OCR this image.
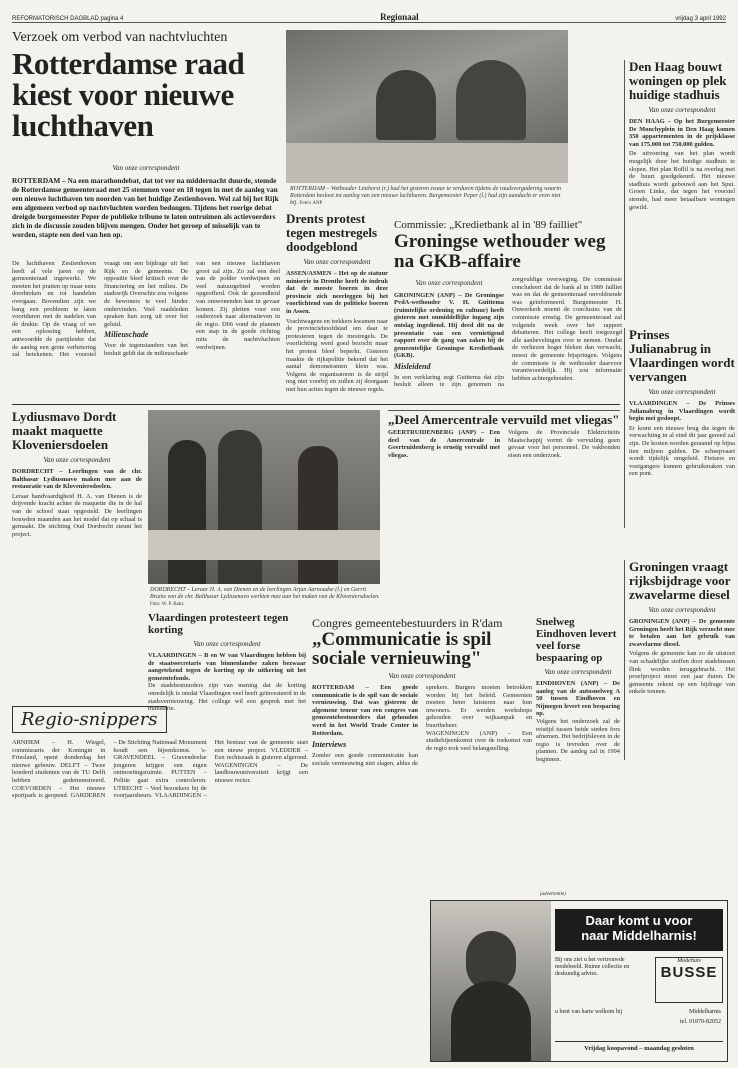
REFORMATORISCH DAGBLAD pagina 4	Regionaal	vrijdag 3 april 1992
Verzoek om verbod van nachtvluchten
Rotterdamse raad kiest voor nieuwe luchthaven
Van onze correspondent
ROTTERDAM – Na een marathondebat, dat tot ver na middernacht duurde, stemde de Rotterdamse gemeenteraad met 25 stemmen voor en 18 tegen in met de aanleg van een nieuwe luchthaven ten noorden van het huidige Zestienhoven. Wel zal bij het Rijk een algemeen verbod op nachtvluchten worden bedongen. Tijdens het roerige debat dreigde burgemeester Peper de publieke tribune te laten ontruimen als actievoerders zich in de discussie zouden blijven mengen. Onder het geroep of misselijk van te worden, stapte een deel van hen op.
De luchthaven Zestienhoven heeft al vele jaren op de gemeenteraad ingewerkt. We moeten het pratten op maar eens doorbreken en tot handelen overgaan. Bovendien zijn we bang een probleem te laten voortduren met de nadelen van de drukte. Op de vraag of we een oplossing hebben, antwoordde de partijleider dat de aanleg een grote verbetering zal betekenen. Het voorstel vraagt om een bijdrage uit het Rijk en de gemeente. De oppositie bleef kritisch over de financiering en het milieu. De stadswijk Overschie zou volgens de bewoners te veel hinder ondervinden. Veel raadsleden spraken hun zorg uit over het geluid.
Milieuschade
Voor de tegenstanders van het besluit geldt dat de milieuschade van een nieuwe luchthaven groot zal zijn. Zo zal een deel van de polder verdwijnen en veel natuurgebied worden opgeofferd. Ook de gezondheid van omwonenden kan in gevaar komen. Zij pleiten voor een onderzoek naar alternatieven in de regio. D66 vond de plannen een stap in de goede richting mits de nachtvluchten verdwijnen.
ROTTERDAM – Wethouder Linthorst (r.) had het gisteren zwaar te verduren tijdens de raadsvergadering waarin Rotterdam besloot tot aanleg van een nieuwe luchthaven. Burgemeester Peper (l.) had zijn aandacht er even niet bij. Foto's ANP
Drents protest tegen mestregels doodgeblond
Van onze correspondent
ASSEN/ASMEN – Het op de statuur miniserie in Drenthe heeft de indruk dat de meeste boeren in deze provincie zich neerleggen bij het voorlichtend van de politieke boeren in Assen.
Vrachtwagens en trekkers kwamen naar de provinciehoofdstad om daar te protesteren tegen de mestregels. De voorlichting werd goed bezocht maar het protest bleef beperkt. Gisteren maakte de rijkspolitie bekend dat het aantal demonstranten klein was. Volgens de organisatoren is de strijd nog niet voorbij en zullen zij doorgaan met hun acties tegen de nieuwe regels.
Commissie: „Kredietbank al in '89 failliet"
Groningse wethouder weg na GKB-affaire
Van onze correspondent
GRONINGEN (ANP) – De Groningse PvdA-wethouder V. H. Guittema (ruimtelijke ordening en cultuur) heeft gisteren met onmiddellijke ingang zijn ontslag ingediend. Hij deed dit na de presentatie van een vernietigend rapport over de gang van zaken bij de gemeentelijke Groningse Kredietbank (GKB).
Misleidend
In een verklaring zegt Guittema dat zijn besluit alleen te zijn genomen na zorgvuldige overweging. De commissie concludeert dat de bank al in 1989 failliet was en dat de gemeenteraad onvoldoende was geïnformeerd. Burgemeester H. Ouwerkerk noemt de conclusies van de commissie ernstig. De gemeenteraad zal volgende week over het rapport debatteren. Het college heeft toegezegd alle aanbevelingen over te nemen. Omdat de verliezen hoger bleken dan verwacht, moest de gemeente bijspringen. Volgens de commissie is de wethouder daarvoor verantwoordelijk. Hij zou informatie hebben achtergehouden.
Den Haag bouwt woningen op plek huidige stadhuis
Van onze correspondent
DEN HAAG – Op het Burgemeester De Monchyplein in Den Haag komen 350 appartementen in de prijsklasse van 175.000 tot 750.000 gulden.
De uitvoering van het plan wordt mogelijk door het huidige stadhuis te slopen. Het plan Boflil is na overleg met de buurt goedgekeurd. Het nieuwe stadhuis wordt gebouwd aan het Spui. Groen Links, dat tegen het voorstel stemde, had meer betaalbare woningen gewild.
Prinses Julianabrug in Vlaardingen wordt vervangen
Van onze correspondent
VLAARDINGEN – De Prinses Julianabrug in Vlaardingen wordt begin mei gesloopt.
Er komt een nieuwe brug die tegen de verwachting in al eind dit jaar gereed zal zijn. De kosten worden geraamd op bijna tien miljoen gulden. De scheepvaart wordt tijdelijk omgeleid. Fietsers en voetgangers kunnen gebruikmaken van een pont.
Groningen vraagt rijksbijdrage voor zwavelarme diesel
Van onze correspondent
GRONINGEN (ANP) – De gemeente Groningen heeft het Rijk verzocht mee te betalen aan het gebruik van zwavelarme diesel.
Volgens de gemeente kan zo de uitstoot van schadelijke stoffen door stadsbussen flink worden teruggebracht. Het proefproject moet een jaar duren. De gemeente rekent op een bijdrage van enkele tonnen.
Lydiusmavo Dordt maakt maquette Kloveniersdoelen
Van onze correspondent
DORDRECHT – Leerlingen van de chr. Balthasar Lydiusmavo maken mee aan de restauratie van de Kloveniersdoelen.
Leraar handvaardigheid H. A. van Dienen is de drijvende kracht achter de maquette die in de hal van de school staat opgesteld. De leerlingen bouwden maanden aan het model dat op schaal is gemaakt. De stichting Oud Dordrecht steunt het project.
DORDRECHT – Leraar H. A. van Dienen en de leerlingen Arjan Aarnoudse (l.) en Gerrit Bruins van de chr. Balthasar Lydiusmavo werkten mee aan het maken van de Kloveniersdoelen. Foto: W. P. Bakx
„Deel Amercentrale vervuild met vliegas"
GEERTRUIDENBERG (ANP) – Een deel van de Amercentrale in Geertruidenberg is ernstig vervuild met vliegas.
Volgens de Provinciale Elektriciteits Maatschappij vormt de vervuiling geen gevaar voor het personeel. De vakbonden eisen een onderzoek.
Vlaardingen protesteert tegen korting
Van onze correspondent
VLAARDINGEN – B en W van Vlaardingen hebben bij de staatssecretaris van binnenlandse zaken bezwaar aangetekend tegen de korting op de uitkering uit het gemeentefonds.
De stadsbestuurders zijn van mening dat de korting onredelijk is omdat Vlaardingen veel heeft geïnvesteerd in de stadsvernieuwing. Het college wil een gesprek met het ministerie.
Regio-snippers
ARNHEM – H. Wiegel, commissaris der Koningin in Friesland, opent donderdag het nieuwe gebouw. DELFT – Twee honderd studenten van de TU Delft hebben gedemonstreerd. COEVORDEN – Het nieuwe sportpark is geopend. GARDEREN – De Stichting Nationaal Monument houdt een bijeenkomst. 's-GRAVENDEEL – Gravendeelse jongeren krijgen een eigen ontmoetingsruimte. PUTTEN – Politie gaat extra controleren. UTRECHT – Veel bezoekers bij de voorjaarsbeurs. VLAARDINGEN – Het bestuur van de gemeente start een nieuw project. VLEDDER – Een rechtszaak is gisteren afgerond. WAGENINGEN – De landbouwuniversiteit krijgt een nieuwe rector.
Congres gemeentebestuurders in R'dam
„Communicatie is spil sociale vernieuwing"
Van onze correspondent
ROTTERDAM – Een goede communicatie is de spil van de sociale vernieuwing. Dat was gisteren de algemene teneur van een congres van gemeentebestuurders dat gehouden werd in het World Trade Center in Rotterdam.
Interviews
Zonder een goede communicatie kan sociale vernieuwing niet slagen, aldus de sprekers. Burgers moeten betrokken worden bij het beleid. Gemeenten moeten beter luisteren naar hun inwoners. Er werden workshops gehouden over wijkaanpak en buurtbeheer.
WAGENINGEN (ANP) – Een studiebijeenkomst over de toekomst van de regio trok veel belangstelling.
Snelweg Eindhoven levert veel forse bespaaring op
Van onze correspondent
EINDHOVEN (ANP) – De aanleg van de autosnelweg A 50 tussen Eindhoven en Nijmegen levert een besparing op.
Volgens het onderzoek zal de reistijd tussen beide steden fors afnemen. Het bedrijfsleven in de regio is tevreden over de plannen. De aanleg zal in 1994 beginnen.
(advertentie)
Daar komt u voor
naar Middelharnis!
Bij ons ziet u het vertrouwde modebeeld. Ruime collectie en deskundig advies.
Modehuis
BUSSE
u bent van harte welkom bij	Middelharnis
tel. 01870-82052
Vrijdag koopavond – maandag gesloten
